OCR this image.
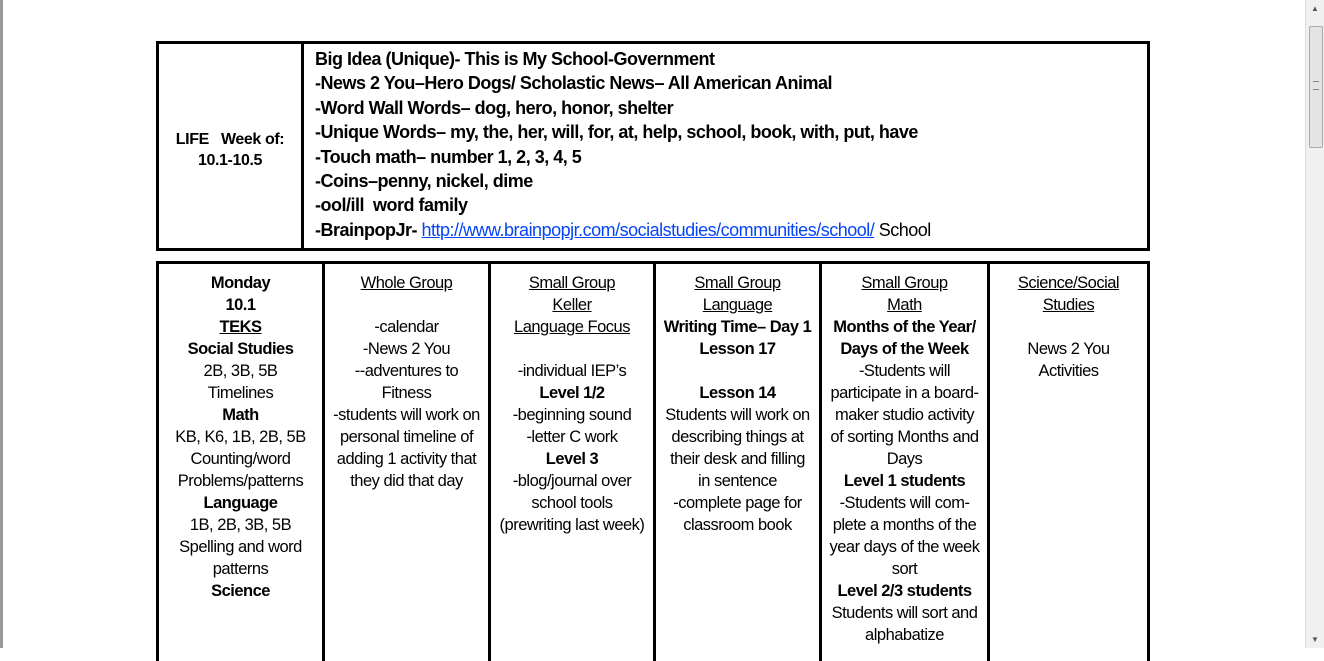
LIFE   Week of:
10.1-10.5
Big Idea (Unique)- This is My School-Government
-News 2 You–Hero Dogs/ Scholastic News– All American Animal
-Word Wall Words– dog, hero, honor, shelter
-Unique Words– my, the, her, will, for, at, help, school, book, with, put, have
-Touch math– number 1, 2, 3, 4, 5
-Coins–penny, nickel, dime
-ool/ill  word family
-BrainpopJr- http://www.brainpopjr.com/socialstudies/communities/school/ School
Monday
10.1
TEKS
Social Studies
2B, 3B, 5B
Timelines
Math
KB, K6, 1B, 2B, 5B
Counting/word
Problems/patterns
Language
1B, 2B, 3B, 5B
Spelling and word
patterns
Science
Whole Group
-calendar
-News 2 You
--adventures to
Fitness
-students will work on
personal timeline of
adding 1 activity that
they did that day
Small Group
Keller
Language Focus
-individual IEP’s
Level 1/2
-beginning sound
-letter C work
Level 3
-blog/journal over
school tools
(prewriting last week)
Small Group
Language
Writing Time– Day 1
Lesson 17
Lesson 14
Students will work on
describing things at
their desk and filling
in sentence
-complete page for
classroom book
Small Group
Math
Months of the Year/
Days of the Week
-Students will
participate in a board-
maker studio activity
of sorting Months and
Days
Level 1 students
-Students will com-
plete a months of the
year days of the week
sort
Level 2/3 students
Students will sort and
alphabatize
Science/Social
Studies
News 2 You
Activities
▲
▼
